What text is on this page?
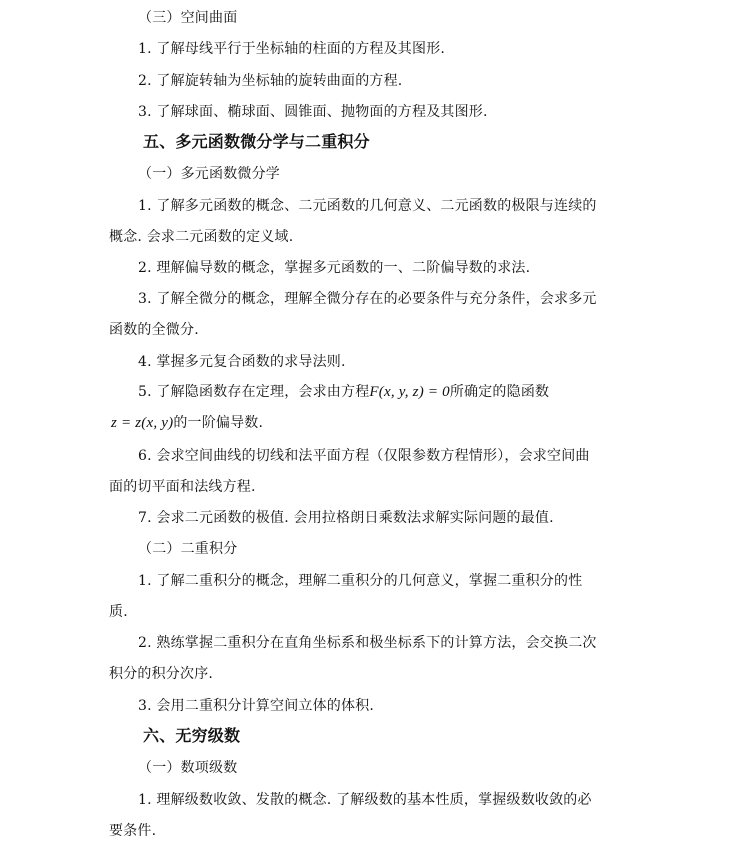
（三）空间曲面
1. 了解母线平行于坐标轴的柱面的方程及其图形.
2. 了解旋转轴为坐标轴的旋转曲面的方程.
3. 了解球面、椭球面、圆锥面、抛物面的方程及其图形.
五、多元函数微分学与二重积分
（一）多元函数微分学
1. 了解多元函数的概念、二元函数的几何意义、二元函数的极限与连续的
概念. 会求二元函数的定义域.
2. 理解偏导数的概念，掌握多元函数的一、二阶偏导数的求法.
3. 了解全微分的概念，理解全微分存在的必要条件与充分条件，会求多元
函数的全微分.
4. 掌握多元复合函数的求导法则.
5. 了解隐函数存在定理，会求由方程F(x, y, z) = 0所确定的隐函数
z = z(x, y)的一阶偏导数.
6. 会求空间曲线的切线和法平面方程（仅限参数方程情形），会求空间曲
面的切平面和法线方程.
7. 会求二元函数的极值. 会用拉格朗日乘数法求解实际问题的最值.
（二）二重积分
1. 了解二重积分的概念，理解二重积分的几何意义，掌握二重积分的性
质.
2. 熟练掌握二重积分在直角坐标系和极坐标系下的计算方法，会交换二次
积分的积分次序.
3. 会用二重积分计算空间立体的体积.
六、无穷级数
（一）数项级数
1. 理解级数收敛、发散的概念. 了解级数的基本性质，掌握级数收敛的必
要条件.
